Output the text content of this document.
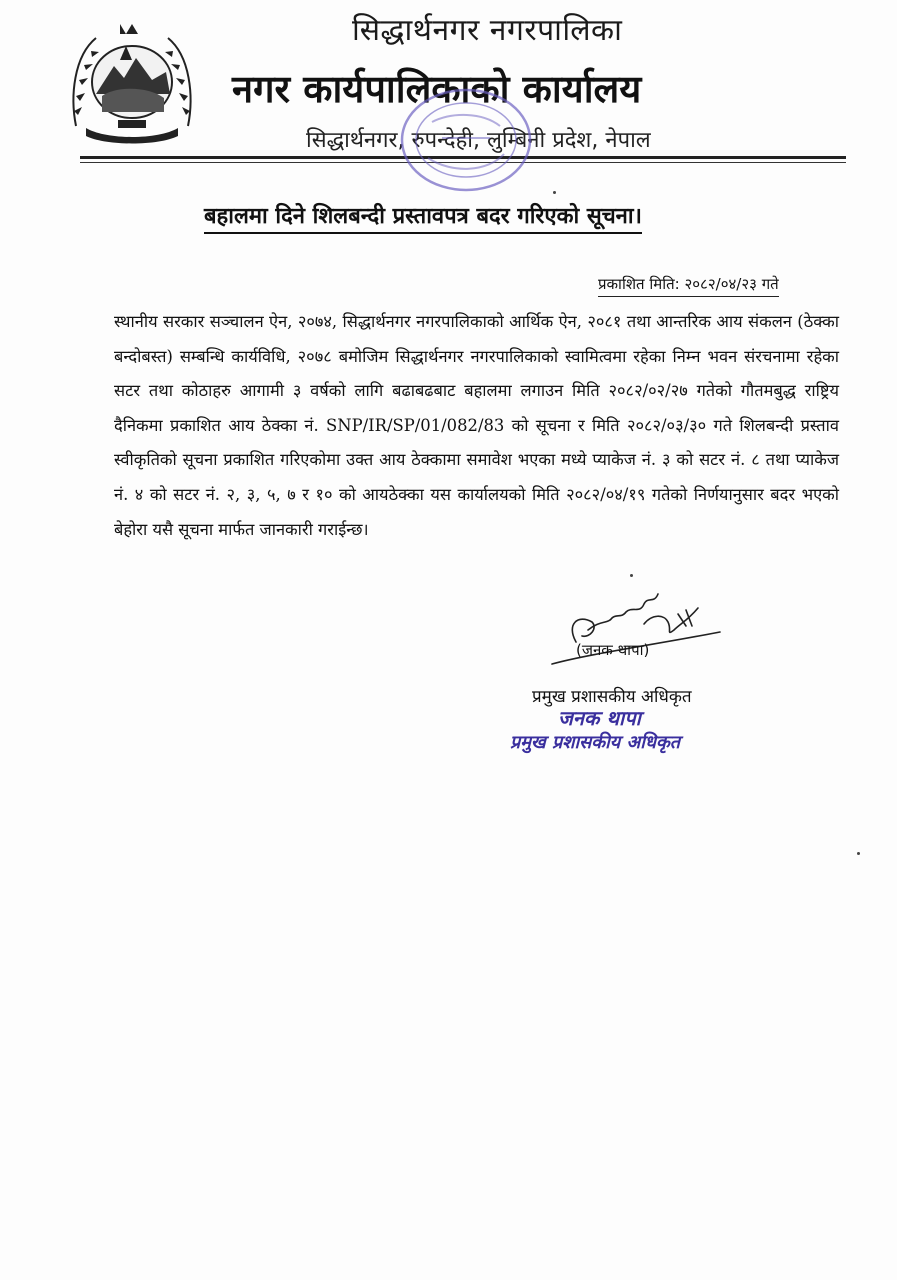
सिद्धार्थनगर नगरपालिका
नगर कार्यपालिकाको कार्यालय
सिद्धार्थनगर, रुपन्देही, लुम्बिनी प्रदेश, नेपाल
बहालमा दिने शिलबन्दी प्रस्तावपत्र बदर गरिएको सूचना।
प्रकाशित मिति: २०८२/०४/२३ गते
स्थानीय सरकार सञ्चालन ऐन, २०७४, सिद्धार्थनगर नगरपालिकाको आर्थिक ऐन, २०८१ तथा आन्तरिक आय संकलन (ठेक्का बन्दोबस्त) सम्बन्धि कार्यविधि, २०७८ बमोजिम सिद्धार्थनगर नगरपालिकाको स्वामित्वमा रहेका निम्न भवन संरचनामा रहेका सटर तथा कोठाहरु आगामी ३ वर्षको लागि बढाबढबाट बहालमा लगाउन मिति २०८२/०२/२७ गतेको गौतमबुद्ध राष्ट्रिय दैनिकमा प्रकाशित आय ठेक्का नं. SNP/IR/SP/01/082/83 को सूचना र मिति २०८२/०३/३० गते शिलबन्दी प्रस्ताव स्वीकृतिको सूचना प्रकाशित गरिएकोमा उक्त आय ठेक्कामा समावेश भएका मध्ये प्याकेज नं. ३ को सटर नं. ८ तथा प्याकेज नं. ४ को सटर नं. २, ३, ५, ७ र १० को आयठेक्का यस कार्यालयको मिति २०८२/०४/१९ गतेको निर्णयानुसार बदर भएको बेहोरा यसै सूचना मार्फत जानकारी गराईन्छ।
(जनक थापा)
प्रमुख प्रशासकीय अधिकृत
जनक थापा
प्रमुख प्रशासकीय अधिकृत
